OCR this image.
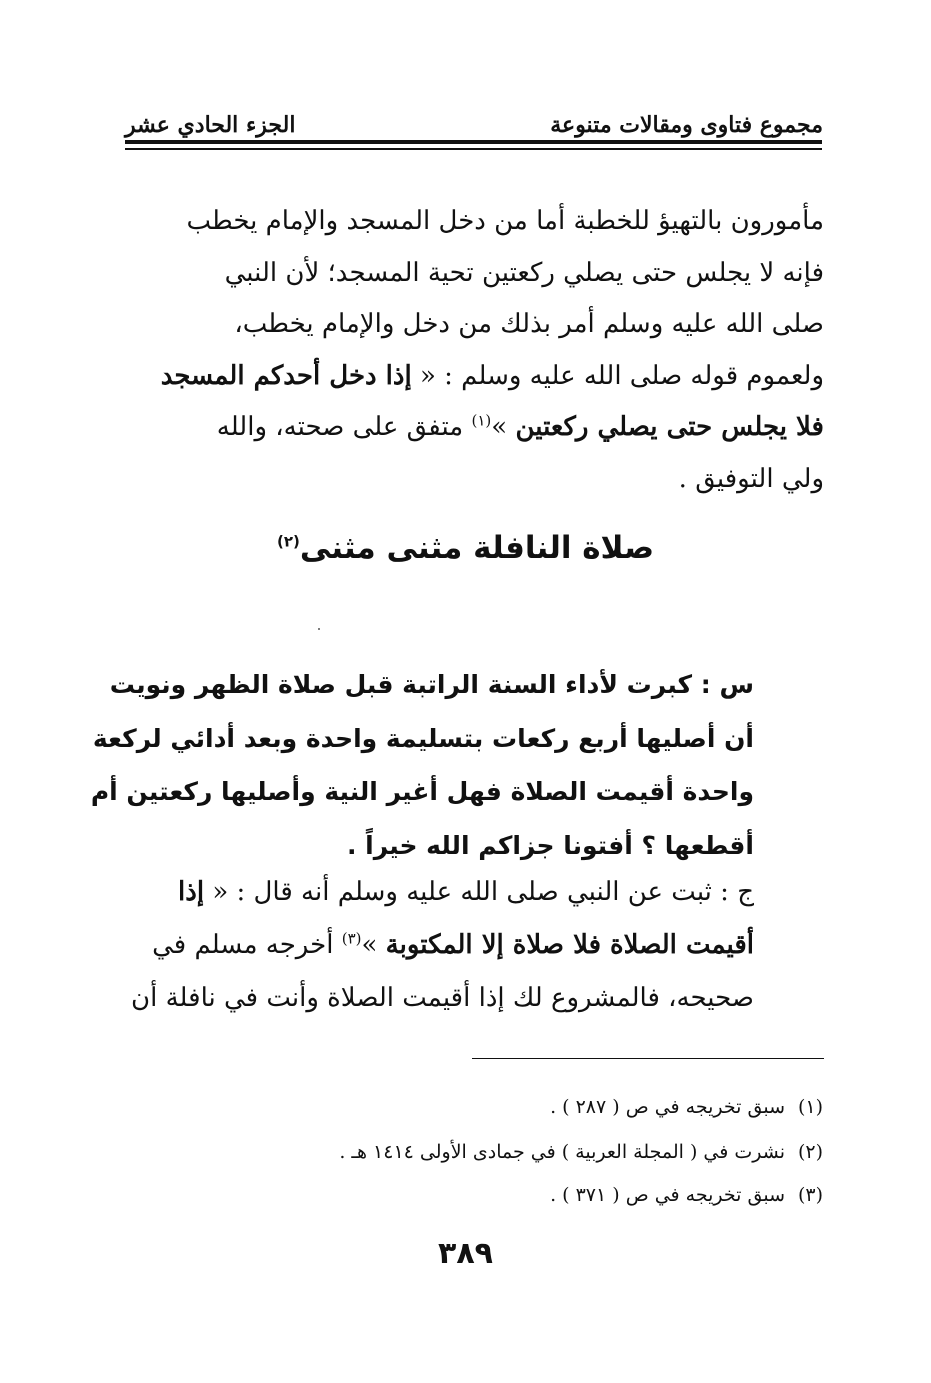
مجموع فتاوى ومقالات متنوعة
الجزء الحادي عشر
مأمورون بالتهيؤ للخطبة أما من دخل المسجد والإمام يخطب
فإنه لا يجلس حتى يصلي ركعتين تحية المسجد؛ لأن النبي
صلى الله عليه وسلم أمر بذلك من دخل والإمام يخطب،
ولعموم قوله صلى الله عليه وسلم : « إذا دخل أحدكم المسجد
فلا يجلس حتى يصلي ركعتين »$^{(١)}$ متفق على صحته، والله
ولي التوفيق .
صلاة النافلة مثنى مثنى$^{(٢)}$
س : كبرت لأداء السنة الراتبة قبل صلاة الظهر ونويت
أن أصليها أربع ركعات بتسليمة واحدة وبعد أدائي لركعة
واحدة أقيمت الصلاة فهل أغير النية وأصليها ركعتين أم
أقطعها ؟ أفتونا جزاكم الله خيراً .
ج : ثبت عن النبي صلى الله عليه وسلم أنه قال : « إذا
أقيمت الصلاة فلا صلاة إلا المكتوبة »$^{(٣)}$ أخرجه مسلم في
صحيحه، فالمشروع لك إذا أقيمت الصلاة وأنت في نافلة أن
(١)سبق تخريجه في ص ( ٢٨٧ ) .
(٢)نشرت في ( المجلة العربية ) في جمادى الأولى ١٤١٤ هـ .
(٣)سبق تخريجه في ص ( ٣٧١ ) .
٣٨٩
